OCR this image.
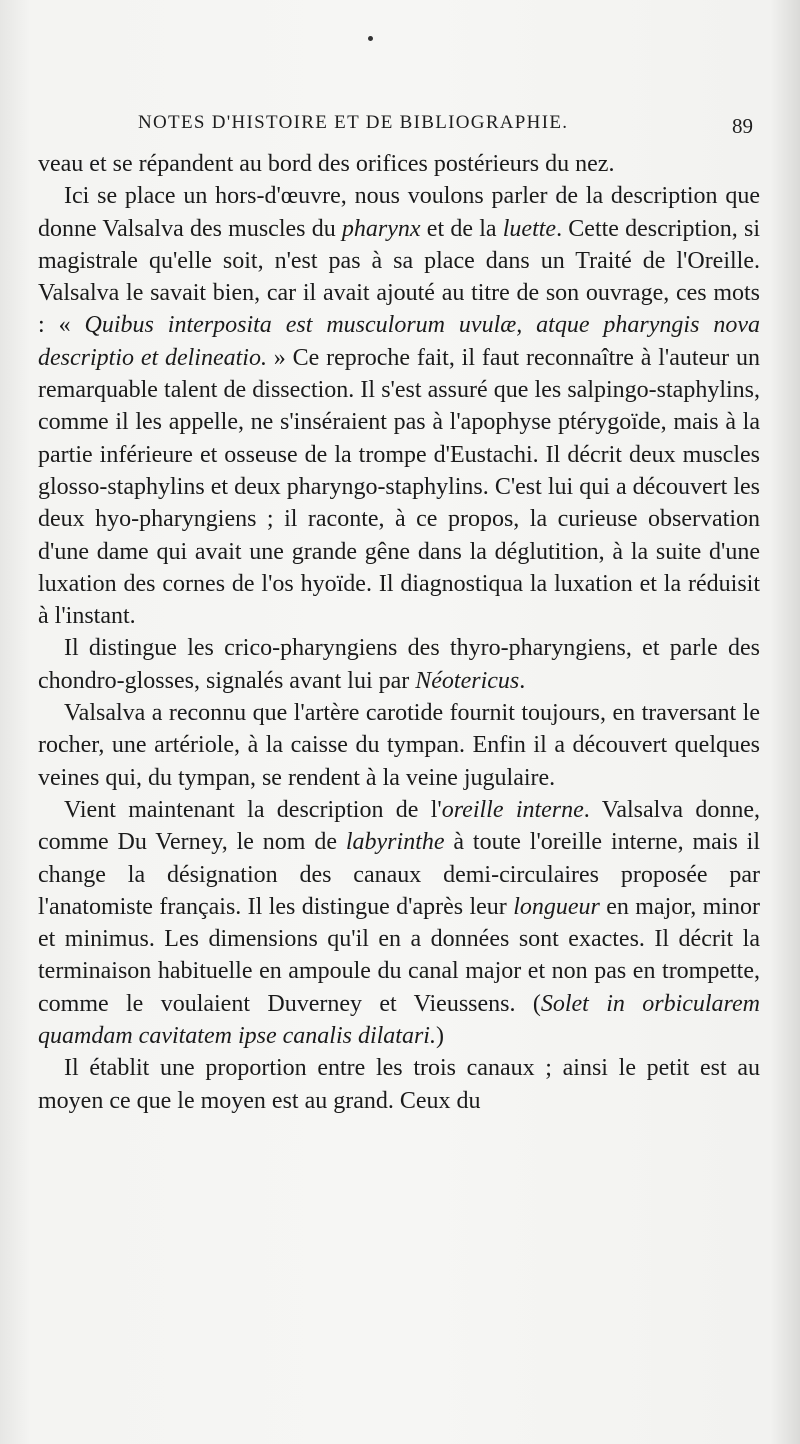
NOTES D'HISTOIRE ET DE BIBLIOGRAPHIE.	89

veau et se répandent au bord des orifices postérieurs du nez.

Ici se place un hors-d'œuvre, nous voulons parler de la description que donne Valsalva des muscles du pharynx et de la luette. Cette description, si magistrale qu'elle soit, n'est pas à sa place dans un Traité de l'Oreille. Valsalva le savait bien, car il avait ajouté au titre de son ouvrage, ces mots : « Quibus interposita est musculorum uvulæ, atque pharyngis nova descriptio et delineatio. » Ce reproche fait, il faut reconnaître à l'auteur un remarquable talent de dissection. Il s'est assuré que les salpingo-staphylins, comme il les appelle, ne s'inséraient pas à l'apophyse ptérygoïde, mais à la partie inférieure et osseuse de la trompe d'Eustachi. Il décrit deux muscles glosso-staphylins et deux pharyngo-staphylins. C'est lui qui a découvert les deux hyo-pharyngiens ; il raconte, à ce propos, la curieuse observation d'une dame qui avait une grande gêne dans la déglutition, à la suite d'une luxation des cornes de l'os hyoïde. Il diagnostiqua la luxation et la réduisit à l'instant.

Il distingue les crico-pharyngiens des thyro-pharyngiens, et parle des chondro-glosses, signalés avant lui par Néotericus.

Valsalva a reconnu que l'artère carotide fournit toujours, en traversant le rocher, une artériole, à la caisse du tympan. Enfin il a découvert quelques veines qui, du tympan, se rendent à la veine jugulaire.

Vient maintenant la description de l'oreille interne. Valsalva donne, comme Du Verney, le nom de labyrinthe à toute l'oreille interne, mais il change la désignation des canaux demi-circulaires proposée par l'anatomiste français. Il les distingue d'après leur longueur en major, minor et minimus. Les dimensions qu'il en a données sont exactes. Il décrit la terminaison habituelle en ampoule du canal major et non pas en trompette, comme le voulaient Duverney et Vieussens. (Solet in orbicularem quamdam cavitatem ipse canalis dilatari.)

Il établit une proportion entre les trois canaux ; ainsi le petit est au moyen ce que le moyen est au grand. Ceux du
